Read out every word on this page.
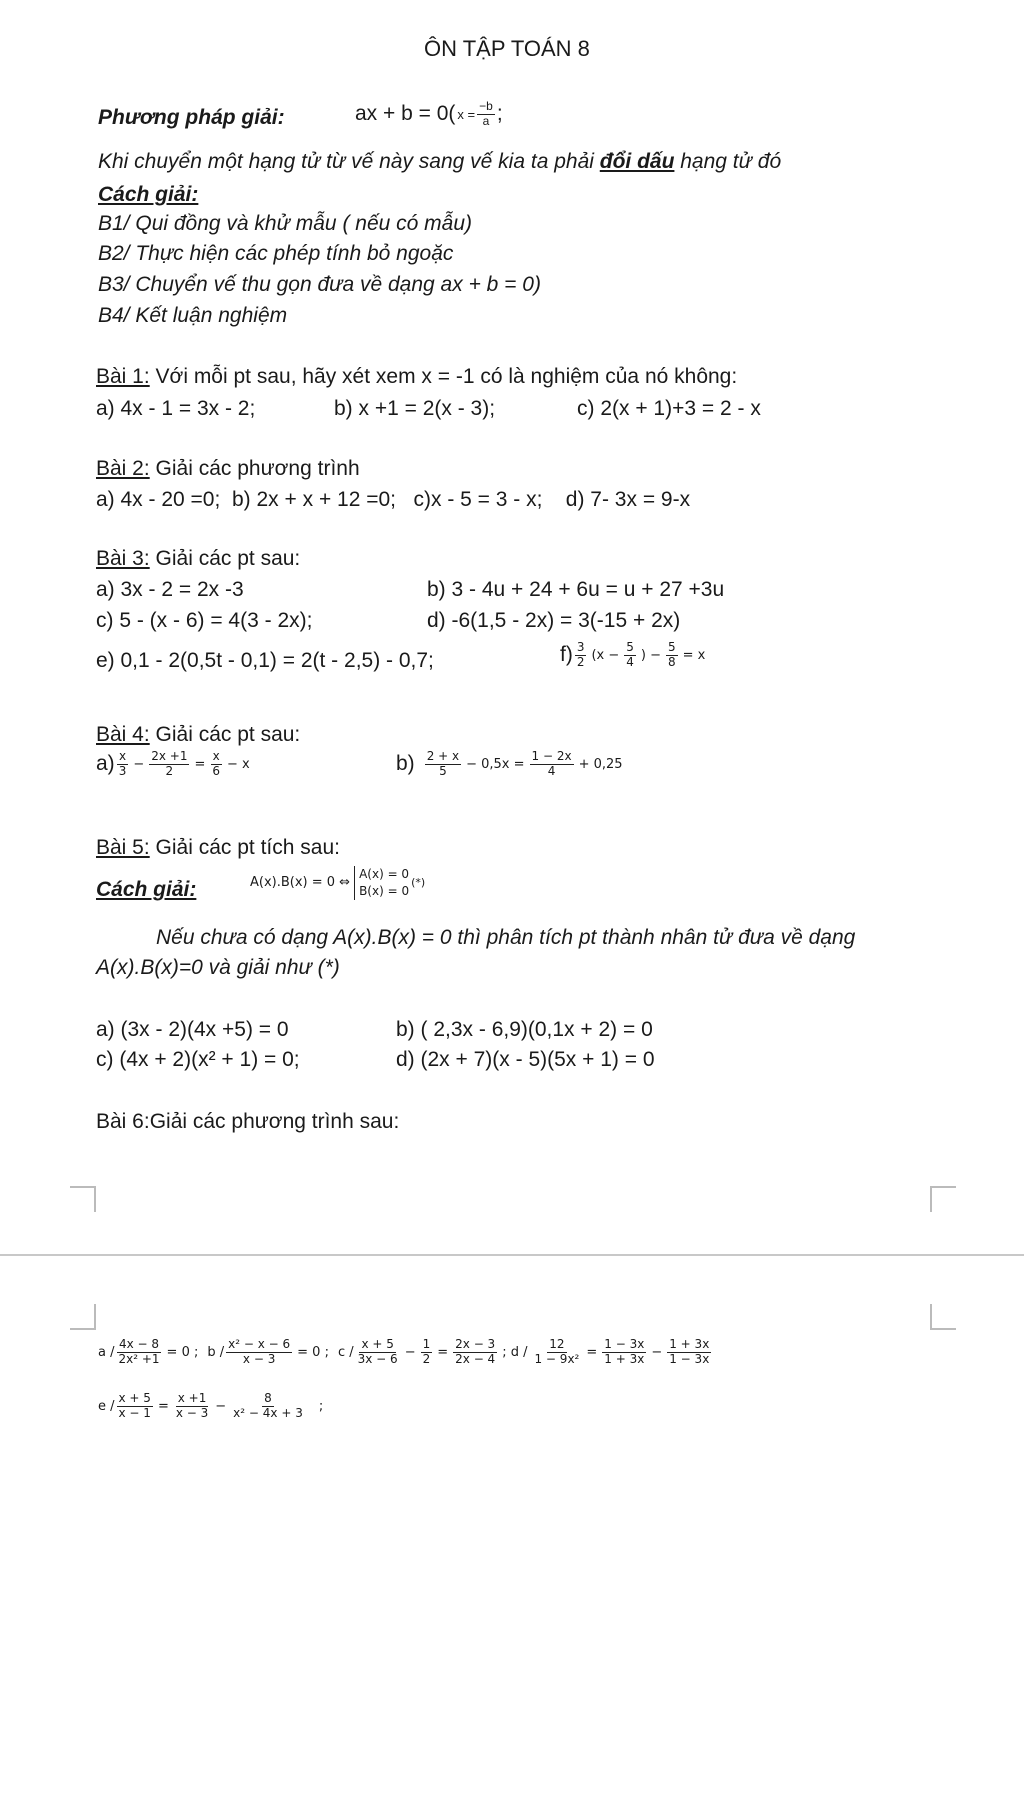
ÔN TẬP TOÁN 8
Phương pháp giải:	ax + b = 0( $x = \frac{-b}{a}$ ;
Khi chuyển một hạng tử từ vế này sang vế kia ta phải đổi dấu hạng tử đó
Cách giải:
B1/ Qui đồng và khử mẫu ( nếu có mẫu)
B2/ Thực hiện các phép tính bỏ ngoặc
B3/ Chuyển vế thu gọn đưa về dạng ax + b = 0)
B4/ Kết luận nghiệm
Bài 1: Với mỗi pt sau, hãy xét xem x = -1 có là nghiệm của nó không:
a) 4x - 1 = 3x - 2;	b) x +1 = 2(x - 3);	c) 2(x + 1)+3 = 2 - x
Bài 2: Giải các phương trình
a) 4x - 20 =0;  b) 2x + x + 12 =0;   c)x - 5 = 3 - x;    d) 7- 3x = 9-x
Bài 3: Giải các pt sau:
a) 3x - 2 = 2x -3	b) 3 - 4u + 24 + 6u = u + 27 +3u
c) 5 - (x - 6) = 4(3 - 2x);	d) -6(1,5 - 2x) = 3(-15 + 2x)
e) 0,1 - 2(0,5t - 0,1) = 2(t - 2,5) - 0,7;	$f) \frac{3}{2} (x - \frac{5}{4}$ ) − $\frac{5}{8} = x$
Bài 4: Giải các pt sau:
$a) \frac{x}{3} - \frac{2x +1}{2} = \frac{x}{6} - x$	$b) \frac{2 + x}{5} - 0,5x = \frac{1 - 2x}{4} + 0,25$
Bài 5: Giải các pt tích sau:
Cách giải:	A(x).B(x) = 0 ⇔
A(x) = 0
B(x) = 0
(*)
Nếu chưa có dạng A(x).B(x) = 0 thì phân tích pt thành nhân tử đưa về dạng
A(x).B(x)=0 và giải như (*)
a) (3x - 2)(4x +5) = 0	b) ( 2,3x - 6,9)(0,1x + 2) = 0
c) (4x + 2)(x² + 1) = 0;	d) (2x + 7)(x - 5)(5x + 1) = 0
Bài 6:Giải các phương trình sau:
$a / \frac{4x - 8}{\text{2x² +1}} = 0$ ; $b / \frac{\text{x² − x − 6}}{x - 3} = 0$ ; $c / \frac{x + 5}{3x - 6} - \frac{1}{2} = \frac{2x - 3}{2x - 4}$ ; $d / \frac{12}{\text{1 − 9x²}} = \frac{1 - 3x}{1 + 3x} - \frac{1 + 3x}{1 - 3x}$
$e / \frac{x + 5}{x - 1} = \frac{x +1}{x - 3} - \frac{8}{\text{x² − 4x + 3}}$ ;
